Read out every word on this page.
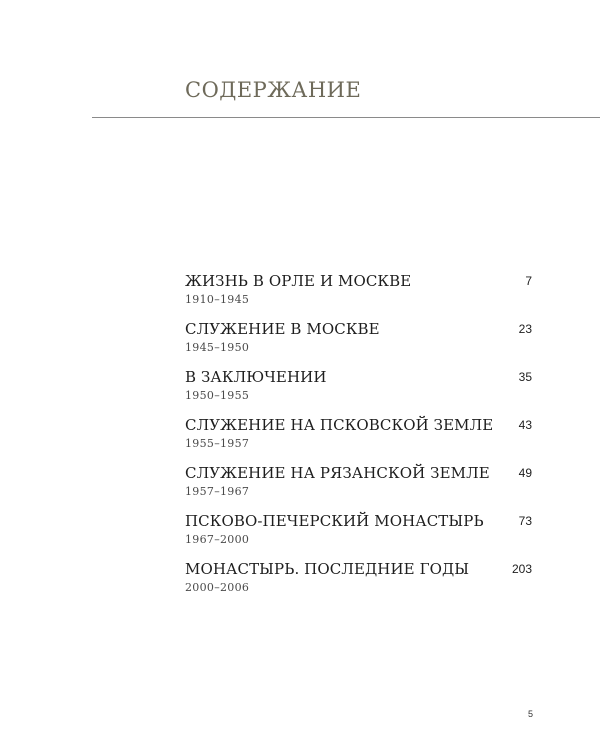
СОДЕРЖАНИЕ
ЖИЗНЬ В ОРЛЕ И МОСКВЕ
1910–1945
7
СЛУЖЕНИЕ В МОСКВЕ
1945–1950
23
В ЗАКЛЮЧЕНИИ
1950–1955
35
СЛУЖЕНИЕ НА ПСКОВСКОЙ ЗЕМЛЕ
1955–1957
43
СЛУЖЕНИЕ НА РЯЗАНСКОЙ ЗЕМЛЕ
1957–1967
49
ПСКОВО-ПЕЧЕРСКИЙ МОНАСТЫРЬ
1967–2000
73
МОНАСТЫРЬ. ПОСЛЕДНИЕ ГОДЫ
2000–2006
203
5
